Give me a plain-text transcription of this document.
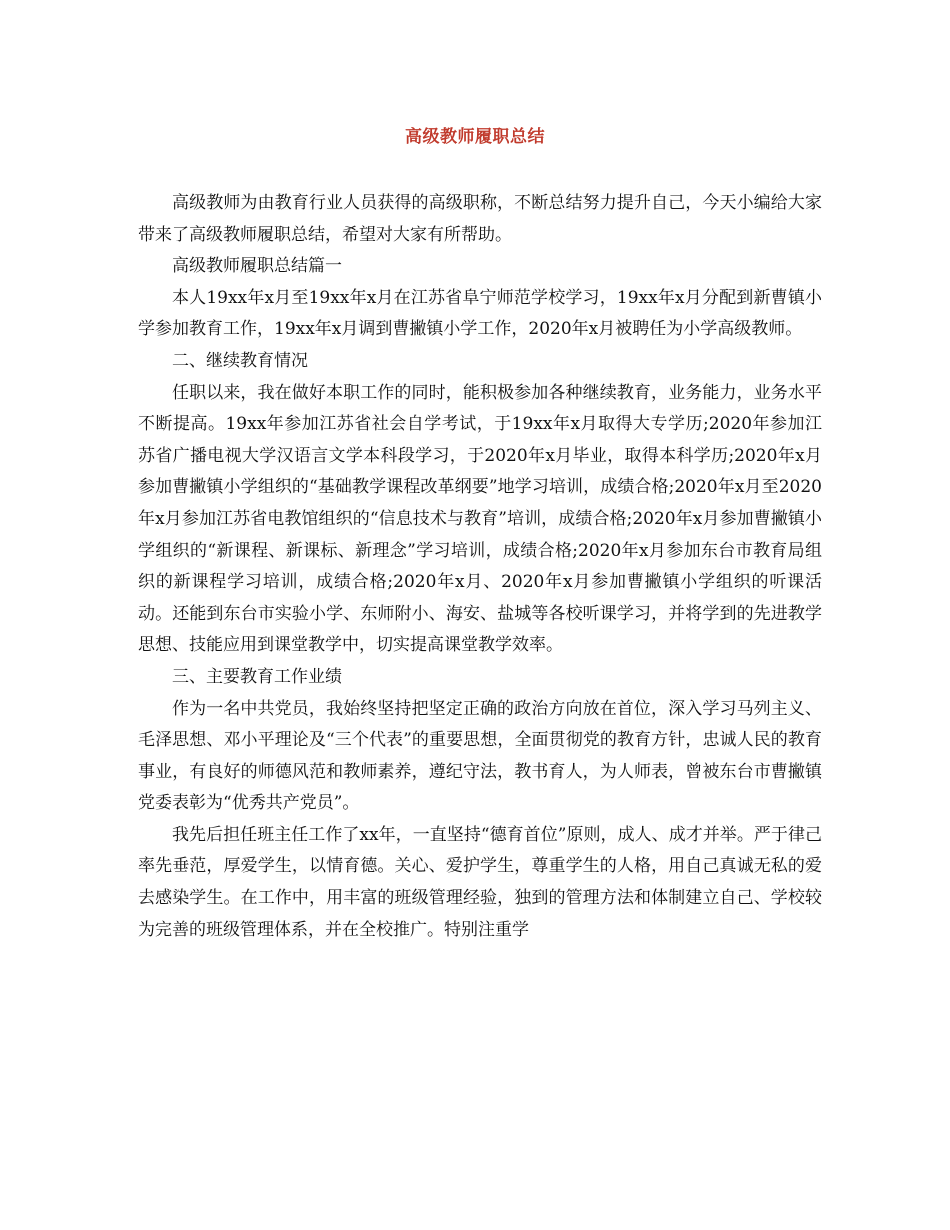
高级教师履职总结

高级教师为由教育行业人员获得的高级职称，不断总结努力提升自己，今天小编给大家带来了高级教师履职总结，希望对大家有所帮助。

高级教师履职总结篇一

本人19xx年x月至19xx年x月在江苏省阜宁师范学校学习，19xx年x月分配到新曹镇小学参加教育工作，19xx年x月调到曹撇镇小学工作，2020年x月被聘任为小学高级教师。

二、继续教育情况

任职以来，我在做好本职工作的同时，能积极参加各种继续教育，业务能力，业务水平不断提高。19xx年参加江苏省社会自学考试，于19xx年x月取得大专学历;2020年参加江苏省广播电视大学汉语言文学本科段学习，于2020年x月毕业，取得本科学历;2020年x月参加曹撇镇小学组织的“基础教学课程改革纲要”地学习培训，成绩合格;2020年x月至2020年x月参加江苏省电教馆组织的“信息技术与教育”培训，成绩合格;2020年x月参加曹撇镇小学组织的“新课程、新课标、新理念”学习培训，成绩合格;2020年x月参加东台市教育局组织的新课程学习培训，成绩合格;2020年x月、2020年x月参加曹撇镇小学组织的听课活动。还能到东台市实验小学、东师附小、海安、盐城等各校听课学习，并将学到的先进教学思想、技能应用到课堂教学中，切实提高课堂教学效率。

三、主要教育工作业绩

作为一名中共党员，我始终坚持把坚定正确的政治方向放在首位，深入学习马列主义、毛泽思想、邓小平理论及“三个代表”的重要思想，全面贯彻党的教育方针，忠诚人民的教育事业，有良好的师德风范和教师素养，遵纪守法，教书育人，为人师表，曾被东台市曹撇镇党委表彰为“优秀共产党员”。

我先后担任班主任工作了xx年，一直坚持“德育首位”原则，成人、成才并举。严于律己率先垂范，厚爱学生，以情育德。关心、爱护学生，尊重学生的人格，用自己真诚无私的爱去感染学生。在工作中，用丰富的班级管理经验，独到的管理方法和体制建立自己、学校较为完善的班级管理体系，并在全校推广。特别注重学
